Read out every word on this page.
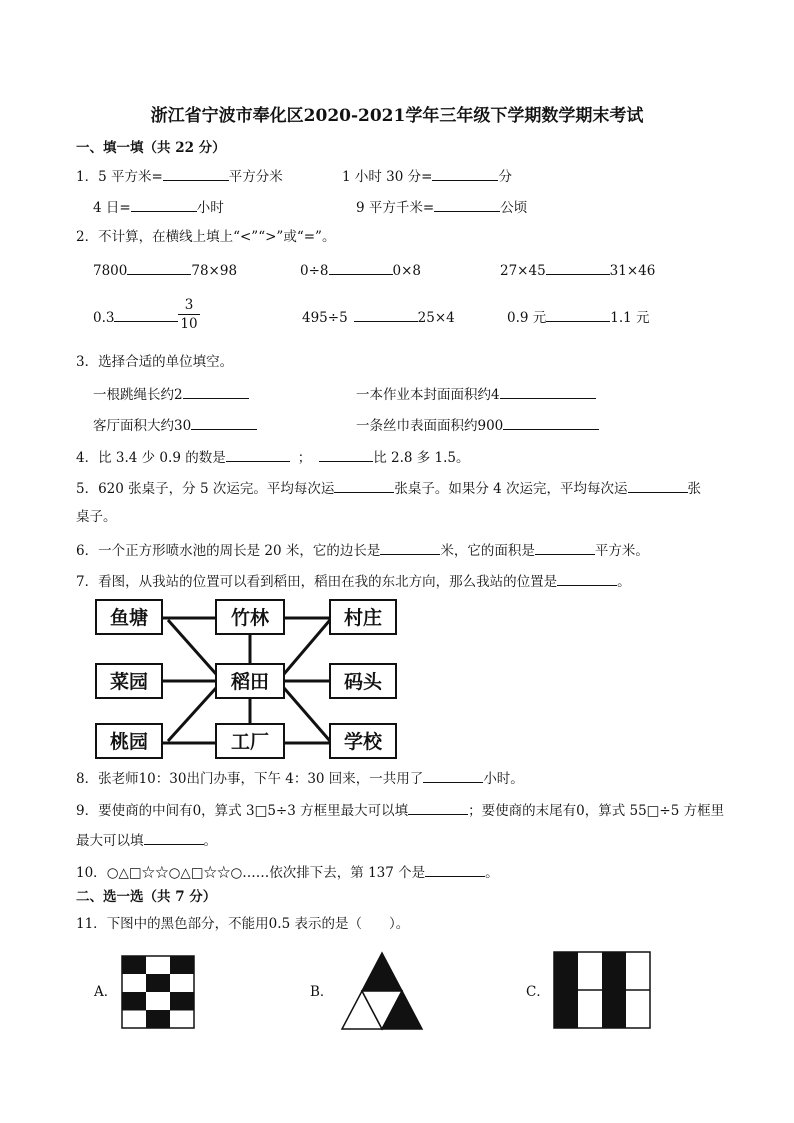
浙江省宁波市奉化区2020-2021学年三年级下学期数学期末考试
一、填一填（共 22 分）
1．5 平方米=	平方分米	1 小时 30 分=	分
4 日=	小时	9 平方千米=	公顷
2．不计算，在横线上填上“<”“>”或“=”。
7800	78×98	0÷8	0×8	27×45	31×46
0.3	$\frac{3}{10}$	495÷5	25×4	0.9 元	1.1 元
3．选择合适的单位填空。
一根跳绳长约2	一本作业本封面面积约4
客厅面积大约30	一条丝巾表面面积约900
4．比 3.4 少 0.9 的数是	；	比 2.8 多 1.5。
5．620 张桌子，分 5 次运完。平均每次运	张桌子。如果分 4 次运完，平均每次运	张
桌子。
6．一个正方形喷水池的周长是 20 米，它的边长是	米，它的面积是	平方米。
7．看图，从我站的位置可以看到稻田，稻田在我的东北方向，那么我站的位置是	。
鱼塘	竹林	村庄
菜园	稻田	码头
桃园	工厂	学校
8．张老师10：30出门办事，下午 4：30 回来，一共用了	小时。
9．要使商的中间有0，算式 3□5÷3 方框里最大可以填	；要使商的末尾有0，算式 55□÷5 方框里
最大可以填	。
10．○△□☆☆○△□☆☆○……依次排下去，第 137 个是	。
二、选一选（共 7 分）
11．下图中的黑色部分，不能用0.5 表示的是（　　）。
A．	B．	C．
